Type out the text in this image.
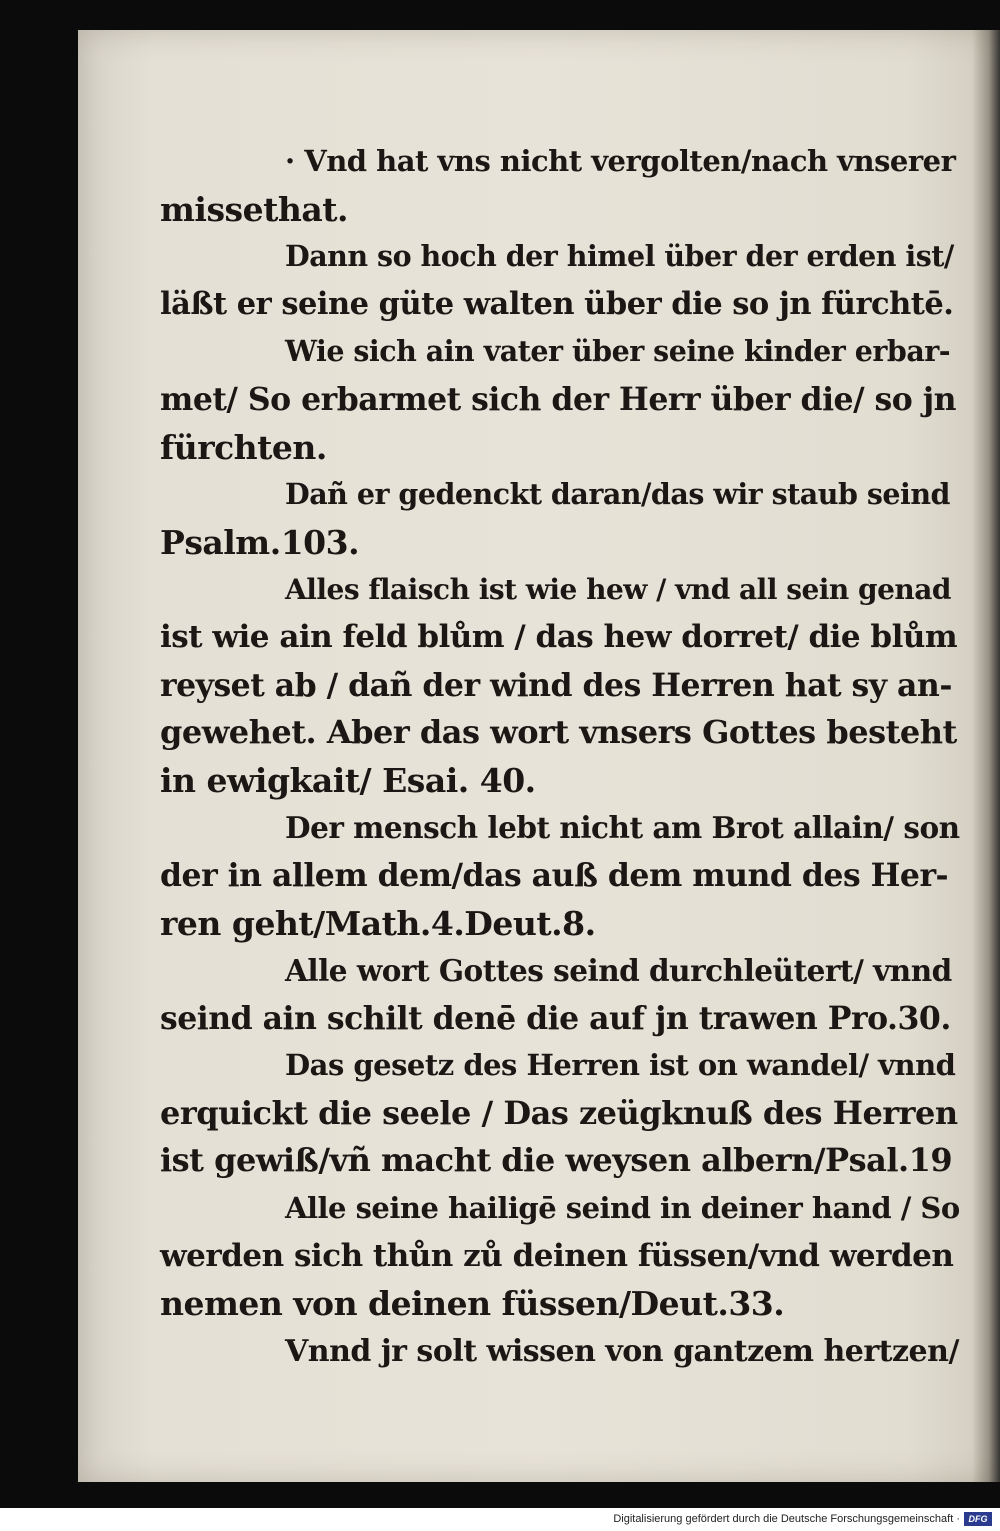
· Vnd hat vns nicht vergolten/nach vnserer
missethat.
Dann so hoch der himel über der erden ist/
läßt er seine güte walten über die so jn fürchtē.
Wie sich ain vater über seine kinder erbar-
met/ So erbarmet sich der Herr über die/ so jn
fürchten.
Dañ er gedenckt daran/das wir staub seind
Psalm.103.
Alles flaisch ist wie hew / vnd all sein genad
ist wie ain feld blům / das hew dorret/ die blům
reyset ab / dañ der wind des Herren hat sy an-
gewehet. Aber das wort vnsers Gottes besteht
in ewigkait/ Esai. 40.
Der mensch lebt nicht am Brot allain/ son
der in allem dem/das auß dem mund des Her-
ren geht/Math.4.Deut.8.
Alle wort Gottes seind durchleütert/ vnnd
seind ain schilt denē die auf jn trawen Pro.30.
Das gesetz des Herren ist on wandel/ vnnd
erquickt die seele / Das zeügknuß des Herren
ist gewiß/vñ macht die weysen albern/Psal.19
Alle seine hailigē seind in deiner hand / So
werden sich thůn zů deinen füssen/vnd werden
nemen von deinen füssen/Deut.33.
Vnnd jr solt wissen von gantzem hertzen/
Digitalisierung gefördert durch die Deutsche Forschungsgemeinschaft · DFG
